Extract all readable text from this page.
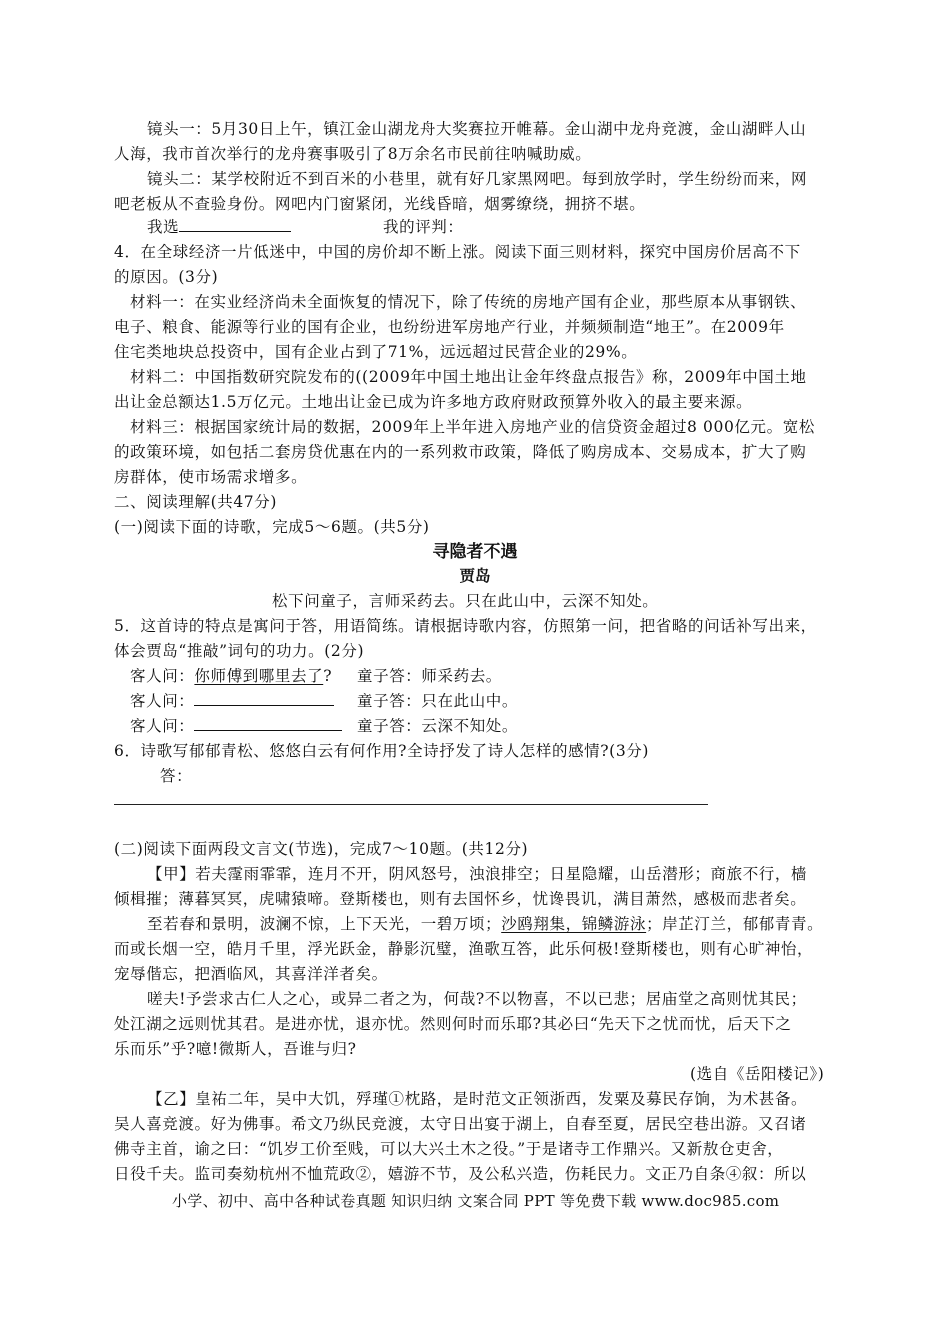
镜头一：5月30日上午，镇江金山湖龙舟大奖赛拉开帷幕。金山湖中龙舟竞渡，金山湖畔人山
人海，我市首次举行的龙舟赛事吸引了8万余名市民前往呐喊助威。
镜头二：某学校附近不到百米的小巷里，就有好几家黑网吧。每到放学时，学生纷纷而来，网
吧老板从不查验身份。网吧内门窗紧闭，光线昏暗，烟雾缭绕，拥挤不堪。
我选	我的评判：
4．在全球经济一片低迷中，中国的房价却不断上涨。阅读下面三则材料，探究中国房价居高不下
的原因。(3分)
材料一：在实业经济尚未全面恢复的情况下，除了传统的房地产国有企业，那些原本从事钢铁、
电子、粮食、能源等行业的国有企业，也纷纷进军房地产行业，并频频制造“地王”。在2009年
住宅类地块总投资中，国有企业占到了71%，远远超过民营企业的29%。
材料二：中国指数研究院发布的((2009年中国土地出让金年终盘点报告》称，2009年中国土地
出让金总额达1.5万亿元。土地出让金已成为许多地方政府财政预算外收入的最主要来源。
材料三：根据国家统计局的数据，2009年上半年进入房地产业的信贷资金超过8 000亿元。宽松
的政策环境，如包括二套房贷优惠在内的一系列救市政策，降低了购房成本、交易成本，扩大了购
房群体，使市场需求增多。
二、阅读理解(共47分)
(一)阅读下面的诗歌，完成5～6题。(共5分)
寻隐者不遇
贾岛
松下问童子，言师采药去。只在此山中，云深不知处。
5．这首诗的特点是寓问于答，用语简练。请根据诗歌内容，仿照第一问，把省略的问话补写出来，
体会贾岛“推敲”词句的功力。(2分)
客人问：你师傅到哪里去了? 童子答：师采药去。
客人问：	童子答：只在此山中。
客人问：	童子答：云深不知处。
6．诗歌写郁郁青松、悠悠白云有何作用?全诗抒发了诗人怎样的感情?(3分)
答：
(二)阅读下面两段文言文(节选)，完成7～10题。(共12分)
【甲】若夫霪雨霏霏，连月不开，阴风怒号，浊浪排空；日星隐耀，山岳潜形；商旅不行，樯
倾楫摧；薄暮冥冥，虎啸猿啼。登斯楼也，则有去国怀乡，忧谗畏讥，满目萧然，感极而悲者矣。
至若春和景明，波澜不惊，上下天光，一碧万顷；沙鸥翔集，锦鳞游泳；岸芷汀兰，郁郁青青。
而或长烟一空，皓月千里，浮光跃金，静影沉璧，渔歌互答，此乐何极!登斯楼也，则有心旷神怡，
宠辱偕忘，把酒临风，其喜洋洋者矣。
嗟夫!予尝求古仁人之心，或异二者之为，何哉?不以物喜，不以已悲；居庙堂之高则忧其民；
处江湖之远则忧其君。是进亦忧，退亦忧。然则何时而乐耶?其必曰“先天下之忧而忧，后天下之
乐而乐”乎?噫!微斯人，吾谁与归?
(选自《岳阳楼记》)
【乙】皇祐二年，吴中大饥，殍瑾①枕路，是时范文正领浙西，发粟及募民存饷，为术甚备。
吴人喜竞渡。好为佛事。希文乃纵民竞渡，太守日出宴于湖上，自春至夏，居民空巷出游。又召诸
佛寺主首，谕之曰：“饥岁工价至贱，可以大兴土木之役。”于是诸寺工作鼎兴。又新敖仓吏舍，
日役千夫。监司奏劾杭州不恤荒政②，嬉游不节，及公私兴造，伤耗民力。文正乃自条④叙：所以
小学、初中、高中各种试卷真题 知识归纳 文案合同 PPT 等免费下载 www.doc985.com
